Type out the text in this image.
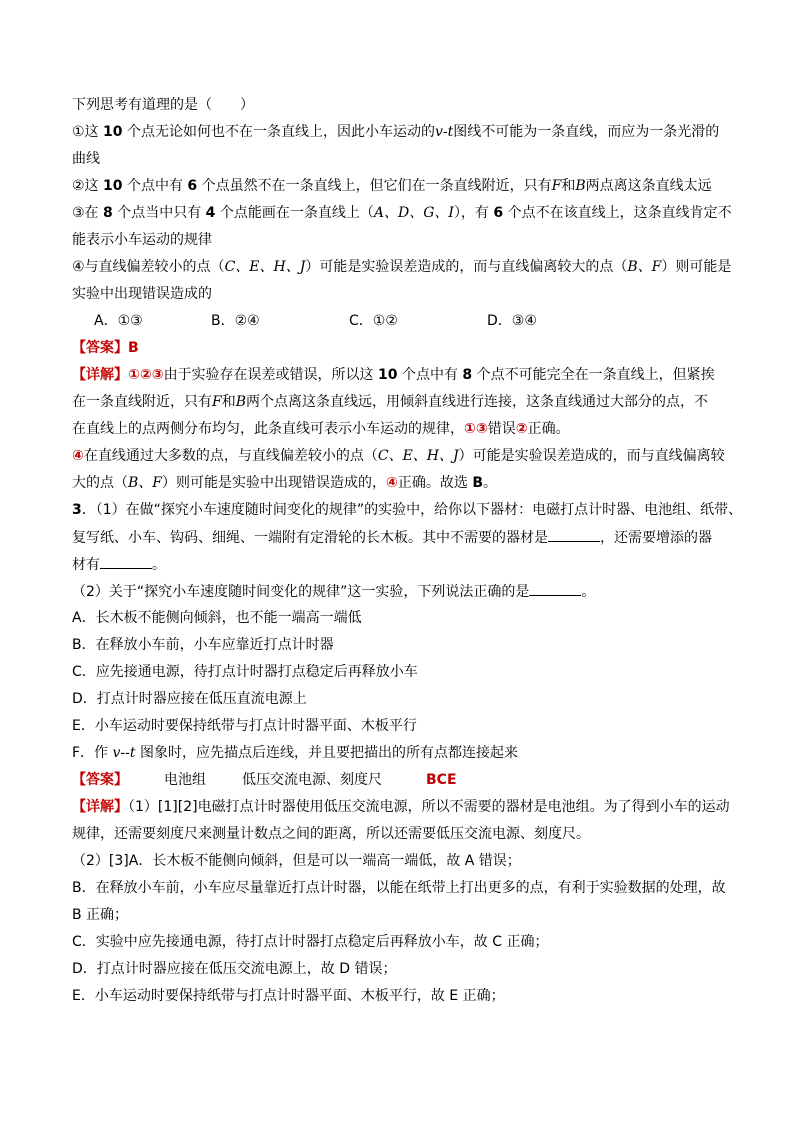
下列思考有道理的是（　　）
①这 10 个点无论如何也不在一条直线上，因此小车运动的v-t图线不可能为一条直线，而应为一条光滑的
曲线
②这 10 个点中有 6 个点虽然不在一条直线上，但它们在一条直线附近，只有F和B两点离这条直线太远
③在 8 个点当中只有 4 个点能画在一条直线上（A、D、G、I），有 6 个点不在该直线上，这条直线肯定不
能表示小车运动的规律
④与直线偏差较小的点（C、E、H、J）可能是实验误差造成的，而与直线偏离较大的点（B、F）则可能是
实验中出现错误造成的
A．①③	B．②④	C．①②	D．③④
【答案】B
【详解】①②③由于实验存在误差或错误，所以这 10 个点中有 8 个点不可能完全在一条直线上，但紧挨
在一条直线附近，只有F和B两个点离这条直线远，用倾斜直线进行连接，这条直线通过大部分的点，不
在直线上的点两侧分布均匀，此条直线可表示小车运动的规律，①③错误②正确。
④在直线通过大多数的点，与直线偏差较小的点（C、E、H、J）可能是实验误差造成的，而与直线偏离较
大的点（B、F）则可能是实验中出现错误造成的，④正确。故选 B。
3．（1）在做“探究小车速度随时间变化的规律”的实验中，给你以下器材：电磁打点计时器、电池组、纸带、
复写纸、小车、钩码、细绳、一端附有定滑轮的长木板。其中不需要的器材是	，还需要增添的器
材有	。
（2）关于“探究小车速度随时间变化的规律”这一实验，下列说法正确的是	。
A．长木板不能侧向倾斜，也不能一端高一端低
B．在释放小车前，小车应靠近打点计时器
C．应先接通电源，待打点计时器打点稳定后再释放小车
D．打点计时器应接在低压直流电源上
E．小车运动时要保持纸带与打点计时器平面、木板平行
F．作 v--t 图象时，应先描点后连线，并且要把描出的所有点都连接起来
【答案】	电池组	低压交流电源、刻度尺	BCE
【详解】（1）[1][2]电磁打点计时器使用低压交流电源，所以不需要的器材是电池组。为了得到小车的运动
规律，还需要刻度尺来测量计数点之间的距离，所以还需要低压交流电源、刻度尺。
（2）[3]A．长木板不能侧向倾斜，但是可以一端高一端低，故 A 错误；
B．在释放小车前，小车应尽量靠近打点计时器，以能在纸带上打出更多的点，有利于实验数据的处理，故
B 正确；
C．实验中应先接通电源，待打点计时器打点稳定后再释放小车，故 C 正确；
D．打点计时器应接在低压交流电源上，故 D 错误；
E．小车运动时要保持纸带与打点计时器平面、木板平行，故 E 正确；
